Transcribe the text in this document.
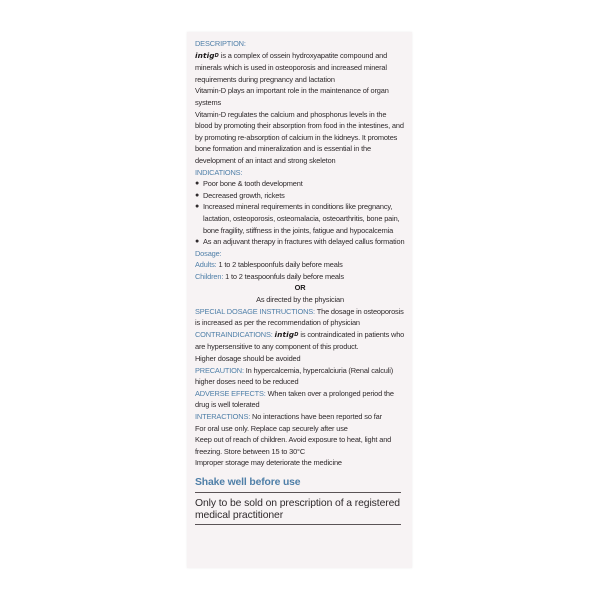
DESCRIPTION:

intig$^D$ is a complex of ossein hydroxyapatite compound and minerals which is used in osteoporosis and increased mineral requirements during pregnancy and lactation

Vitamin-D plays an important role in the maintenance of organ systems

Vitamin-D regulates the calcium and phosphorus levels in the blood by promoting their absorption from food in the intestines, and by promoting re-absorption of calcium in the kidneys. It promotes bone formation and mineralization and is essential in the development of an intact and strong skeleton

INDICATIONS:
● Poor bone & tooth development
● Decreased growth, rickets
● Increased mineral requirements in conditions like pregnancy, lactation, osteoporosis, osteomalacia, osteoarthritis, bone pain, bone fragility, stiffness in the joints, fatigue and hypocalcemia
● As an adjuvant therapy in fractures with delayed callus formation
Dosage:

Adults: 1 to 2 tablespoonfuls daily before meals

Children: 1 to 2 teaspoonfuls daily before meals

OR

As directed by the physician

SPECIAL DOSAGE INSTRUCTIONS: The dosage in osteoporosis is increased as per the recommendation of physician

CONTRAINDICATIONS: intig$^D$ is contraindicated in patients who are hypersensitive to any component of this product.

Higher dosage should be avoided

PRECAUTION: In hypercalcemia, hypercalciuria (Renal calculi) higher doses need to be reduced

ADVERSE EFFECTS: When taken over a prolonged period the drug is well tolerated

INTERACTIONS: No interactions have been reported so far

For oral use only. Replace cap securely after use

Keep out of reach of children. Avoid exposure to heat, light and freezing. Store between 15 to 30°C

Improper storage may deteriorate the medicine

Shake well before use
Only to be sold on prescription of a registered medical practitioner
